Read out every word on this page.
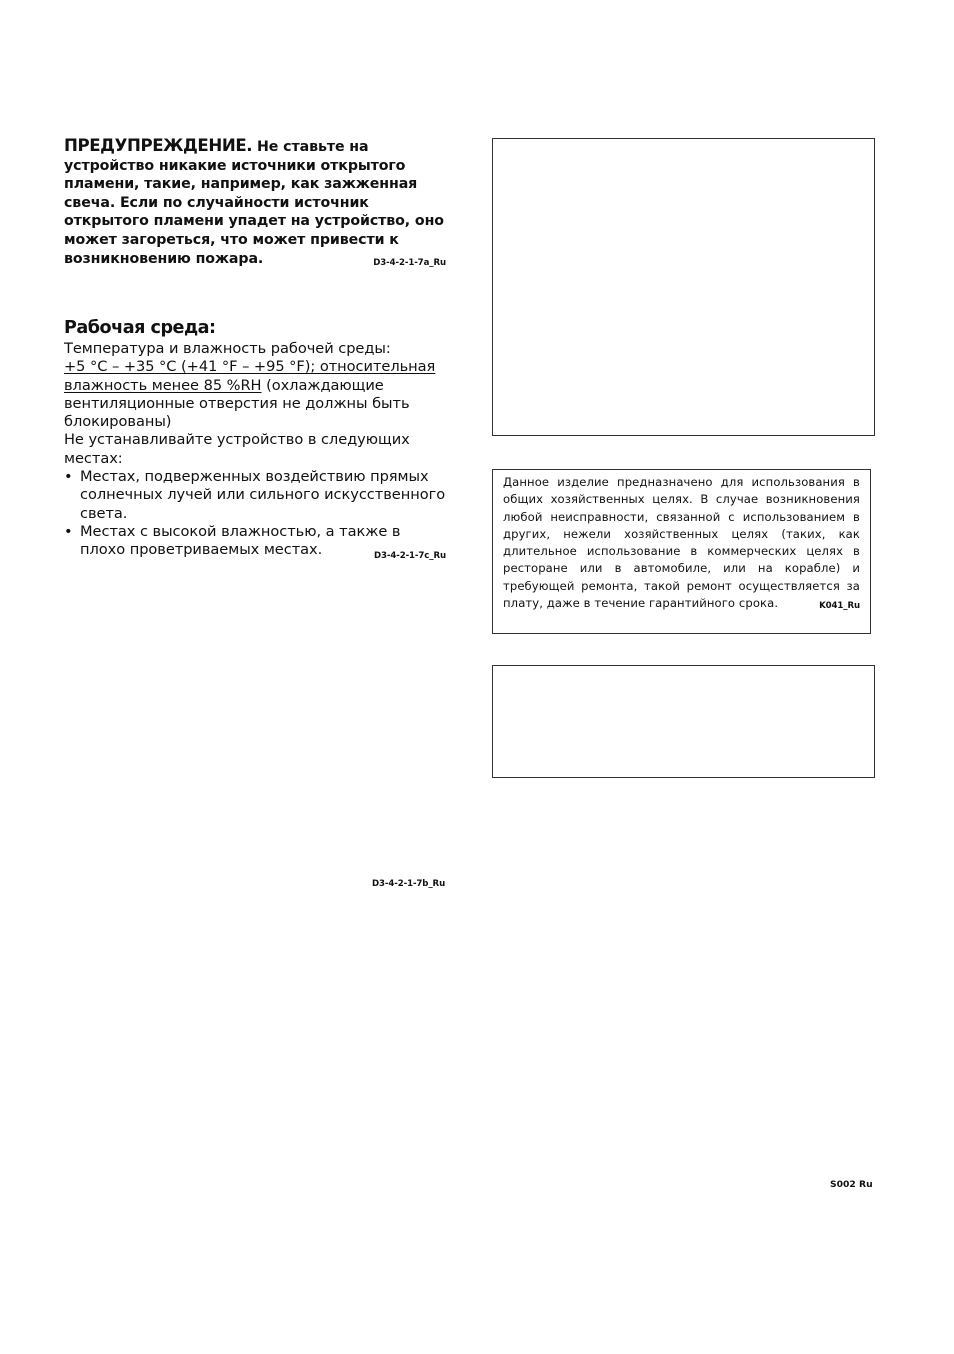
ПРЕДУПРЕЖДЕНИЕ. Не ставьте на устройство никакие источники открытого пламени, такие, например, как зажженная свеча. Если по случайности источник открытого пламени упадет на устройство, оно может загореться, что может привести к возникновению пожара.	D3-4-2-1-7a_Ru
Рабочая среда:

Температура и влажность рабочей среды:
+5 °C – +35 °C (+41 °F – +95 °F); относительная влажность менее 85 %RH (охлаждающие вентиляционные отверстия не должны быть блокированы)

Не устанавливайте устройство в следующих местах:

• Местах, подверженных воздействию прямых солнечных лучей или сильного искусственного света.
• Местах с высокой влажностью, а также в плохо проветриваемых местах.	D3-4-2-1-7c_Ru
D3-4-2-1-7b_Ru
Данное изделие предназначено для использования в общих хозяйственных целях. В случае возникновения любой неисправности, связанной с использованием в других, нежели хозяйственных целях (таких, как длительное использование в коммерческих целях в ресторане или в автомобиле, или на корабле) и требующей ремонта, такой ремонт осуществляется за плату, даже в течение гарантийного срока.	K041_Ru
S002 Ru
